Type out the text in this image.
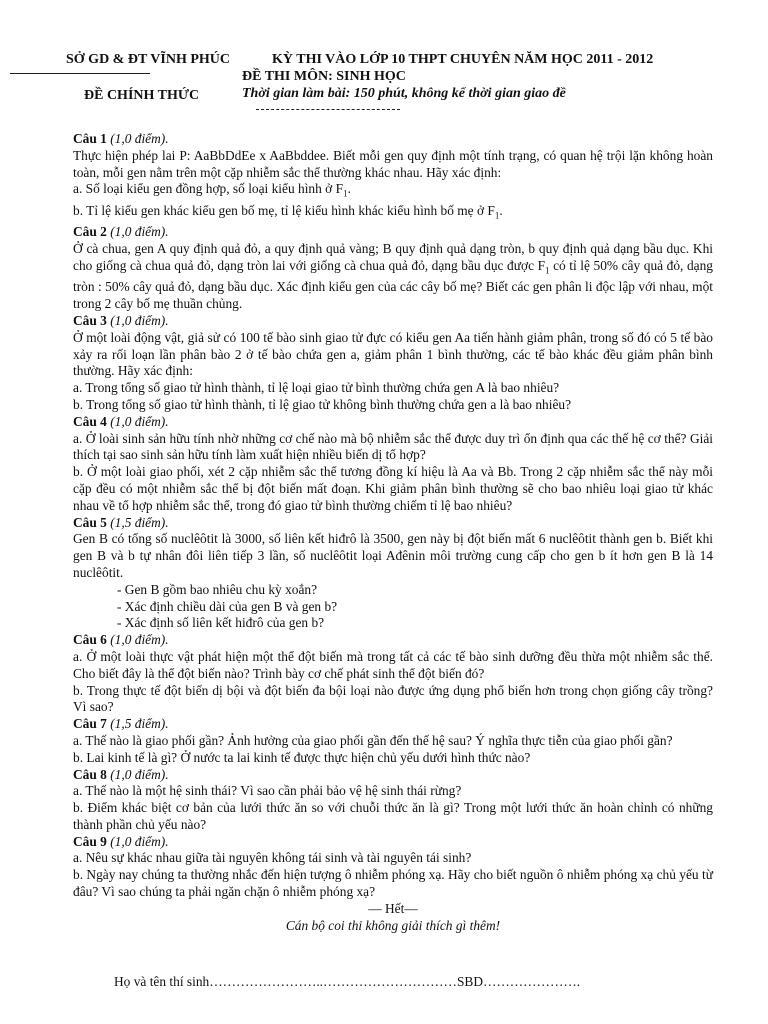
SỞ GD & ĐT VĨNH PHÚC
ĐỀ CHÍNH THỨC
KỲ THI VÀO LỚP 10 THPT CHUYÊN NĂM HỌC 2011 - 2012
ĐỀ THI MÔN: SINH HỌC
Thời gian làm bài: 150 phút, không kể thời gian giao đề

Câu 1 (1,0 điểm).

Thực hiện phép lai P: AaBbDdEe x AaBbddee. Biết mỗi gen quy định một tính trạng, có quan hệ trội lặn không hoàn toàn, mỗi gen nằm trên một cặp nhiễm sắc thể thường khác nhau. Hãy xác định:

a. Số loại kiểu gen đồng hợp, số loại kiểu hình ở $F_1$.

b. Tỉ lệ kiểu gen khác kiểu gen bố mẹ, tỉ lệ kiểu hình khác kiểu hình bố mẹ ở $F_1$.

Câu 2 (1,0 điểm).

Ở cà chua, gen A quy định quả đỏ, a quy định quả vàng; B quy định quả dạng tròn, b quy định quả dạng bầu dục. Khi cho giống cà chua quả đỏ, dạng tròn lai với giống cà chua quả đỏ, dạng bầu dục được $F_1$ có tỉ lệ 50% cây quả đỏ, dạng tròn : 50% cây quả đỏ, dạng bầu dục. Xác định kiểu gen của các cây bố mẹ? Biết các gen phân li độc lập với nhau, một trong 2 cây bố mẹ thuần chủng.

Câu 3 (1,0 điểm).

Ở một loài động vật, giả sử có 100 tế bào sinh giao tử đực có kiểu gen Aa tiến hành giảm phân, trong số đó có 5 tế bào xảy ra rối loạn lần phân bào 2 ở tế bào chứa gen a, giảm phân 1 bình thường, các tế bào khác đều giảm phân bình thường. Hãy xác định:

a. Trong tổng số giao tử hình thành, tỉ lệ loại giao tử bình thường chứa gen A là bao nhiêu?

b. Trong tổng số giao tử hình thành, tỉ lệ giao tử không bình thường chứa gen a là bao nhiêu?

Câu 4 (1,0 điểm).

a. Ở loài sinh sản hữu tính nhờ những cơ chế nào mà bộ nhiễm sắc thể được duy trì ổn định qua các thế hệ cơ thể? Giải thích tại sao sinh sản hữu tính làm xuất hiện nhiều biến dị tổ hợp?

b. Ở một loài giao phối, xét 2 cặp nhiễm sắc thể tương đồng kí hiệu là Aa và Bb. Trong 2 cặp nhiễm sắc thể này mỗi cặp đều có một nhiễm sắc thể bị đột biến mất đoạn. Khi giảm phân bình thường sẽ cho bao nhiêu loại giao tử khác nhau về tổ hợp nhiễm sắc thể, trong đó giao tử bình thường chiếm tỉ lệ bao nhiêu?

Câu 5 (1,5 điểm).

Gen B có tổng số nuclêôtit là 3000, số liên kết hiđrô là 3500, gen này bị đột biến mất 6 nuclêôtit thành gen b. Biết khi gen B và b tự nhân đôi liên tiếp 3 lần, số nuclêôtit loại Ađênin môi trường cung cấp cho gen b ít hơn gen B là 14 nuclêôtit.

- Gen B gồm bao nhiêu chu kỳ xoắn?

- Xác định chiều dài của gen B và gen b?

- Xác định số liên kết hiđrô của gen b?

Câu 6 (1,0 điểm).

a. Ở một loài thực vật phát hiện một thể đột biến mà trong tất cả các tế bào sinh dưỡng đều thừa một nhiễm sắc thể. Cho biết đây là thể đột biến nào? Trình bày cơ chế phát sinh thể đột biến đó?

b. Trong thực tế đột biến dị bội và đột biến đa bội loại nào được ứng dụng phổ biến hơn trong chọn giống cây trồng? Vì sao?

Câu 7 (1,5 điểm).

a. Thế nào là giao phối gần? Ảnh hưởng của giao phối gần đến thế hệ sau? Ý nghĩa thực tiễn của giao phối gần?

b. Lai kinh tế là gì? Ở nước ta lai kinh tế được thực hiện chủ yếu dưới hình thức nào?

Câu 8 (1,0 điểm).

a. Thế nào là một hệ sinh thái? Vì sao cần phải bảo vệ hệ sinh thái rừng?

b. Điểm khác biệt cơ bản của lưới thức ăn so với chuỗi thức ăn là gì? Trong một lưới thức ăn hoàn chỉnh có những thành phần chủ yếu nào?

Câu 9 (1,0 điểm).

a. Nêu sự khác nhau giữa tài nguyên không tái sinh và tài nguyên tái sinh?

b. Ngày nay chúng ta thường nhắc đến hiện tượng ô nhiễm phóng xạ. Hãy cho biết nguồn ô nhiễm phóng xạ chủ yếu từ đâu? Vì sao chúng ta phải ngăn chặn ô nhiễm phóng xạ?

— Hết—

Cán bộ coi thi không giải thích gì thêm!

Họ và tên thí sinh……………………..…………………………SBD………………….
